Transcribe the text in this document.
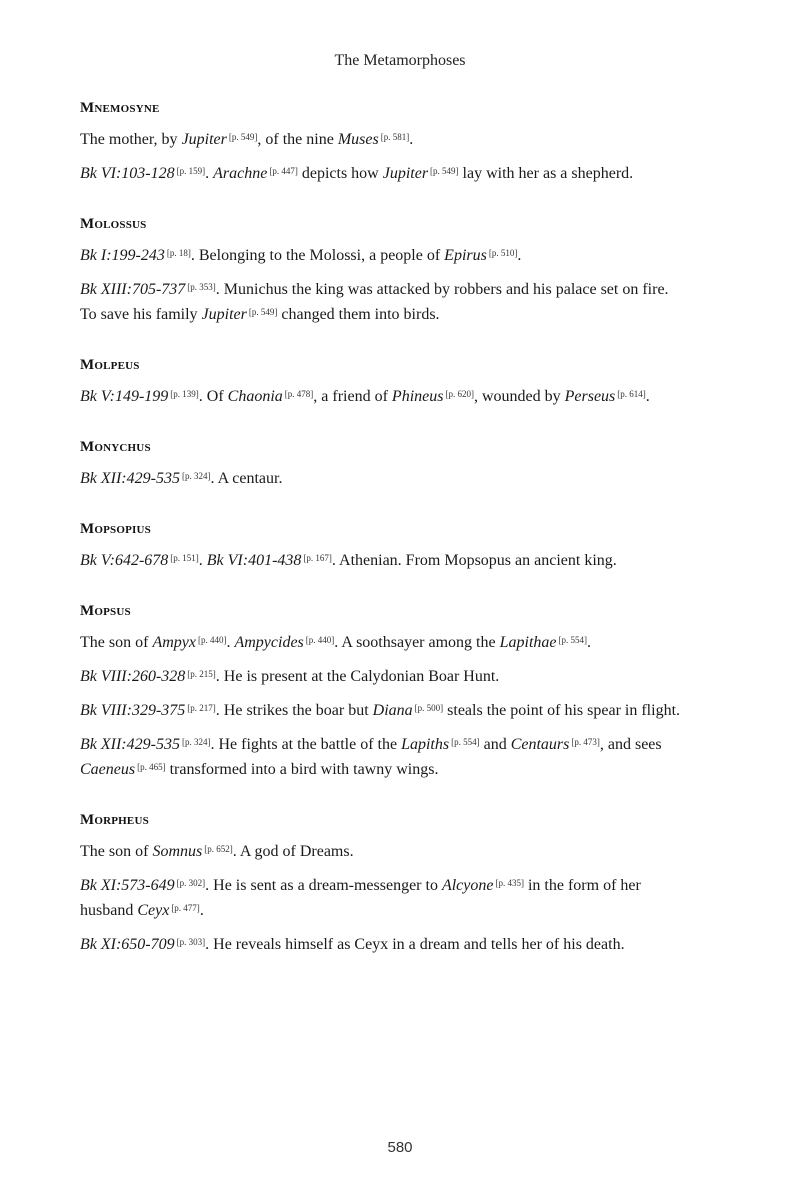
The Metamorphoses
Mnemosyne

The mother, by Jupiter [p. 549], of the nine Muses [p. 581].

Bk VI:103-128 [p. 159]. Arachne [p. 447] depicts how Jupiter [p. 549] lay with her as a shepherd.

Molossus

Bk I:199-243 [p. 18]. Belonging to the Molossi, a people of Epirus [p. 510].

Bk XIII:705-737 [p. 353]. Munichus the king was attacked by robbers and his palace set on fire. To save his family Jupiter [p. 549] changed them into birds.

Molpeus

Bk V:149-199 [p. 139]. Of Chaonia [p. 478], a friend of Phineus [p. 620], wounded by Perseus [p. 614].

Monychus

Bk XII:429-535 [p. 324]. A centaur.

Mopsopius

Bk V:642-678 [p. 151]. Bk VI:401-438 [p. 167]. Athenian. From Mopsopus an ancient king.

Mopsus

The son of Ampyx [p. 440]. Ampycides [p. 440]. A soothsayer among the Lapithae [p. 554].

Bk VIII:260-328 [p. 215]. He is present at the Calydonian Boar Hunt.

Bk VIII:329-375 [p. 217]. He strikes the boar but Diana [p. 500] steals the point of his spear in flight.

Bk XII:429-535 [p. 324]. He fights at the battle of the Lapiths [p. 554] and Centaurs [p. 473], and sees Caeneus [p. 465] transformed into a bird with tawny wings.

Morpheus

The son of Somnus [p. 652]. A god of Dreams.

Bk XI:573-649 [p. 302]. He is sent as a dream-messenger to Alcyone [p. 435] in the form of her husband Ceyx [p. 477].

Bk XI:650-709 [p. 303]. He reveals himself as Ceyx in a dream and tells her of his death.

580
